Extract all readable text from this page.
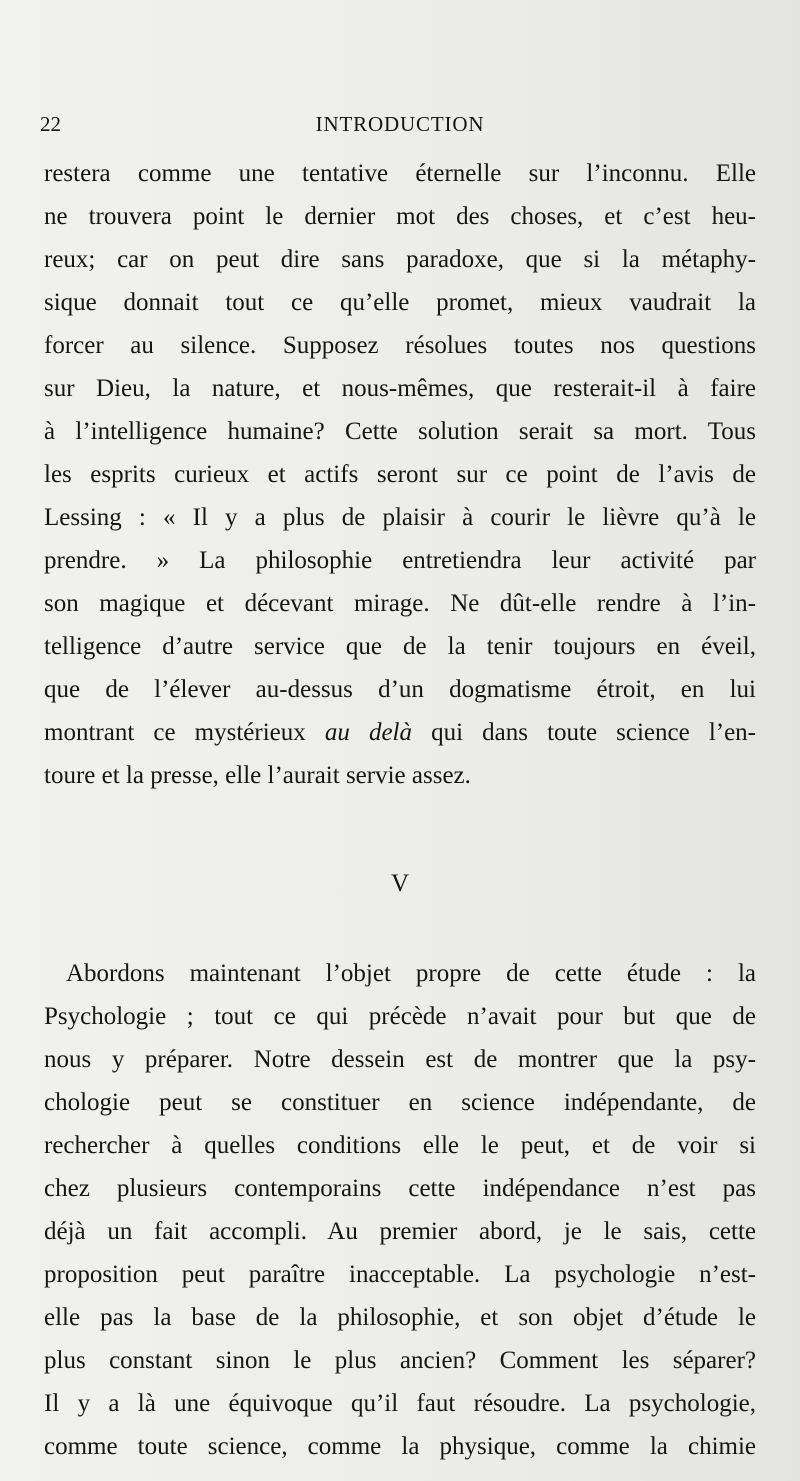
22	INTRODUCTION
restera comme une tentative éternelle sur l’inconnu. Elle
ne trouvera point le dernier mot des choses, et c’est heu-
reux; car on peut dire sans paradoxe, que si la métaphy-
sique donnait tout ce qu’elle promet, mieux vaudrait la
forcer au silence. Supposez résolues toutes nos questions
sur Dieu, la nature, et nous-mêmes, que resterait-il à faire
à l’intelligence humaine? Cette solution serait sa mort. Tous
les esprits curieux et actifs seront sur ce point de l’avis de
Lessing : « Il y a plus de plaisir à courir le lièvre qu’à le
prendre. » La philosophie entretiendra leur activité par
son magique et décevant mirage. Ne dût-elle rendre à l’in-
telligence d’autre service que de la tenir toujours en éveil,
que de l’élever au-dessus d’un dogmatisme étroit, en lui
montrant ce mystérieux au delà qui dans toute science l’en-
toure et la presse, elle l’aurait servie assez.
V
Abordons maintenant l’objet propre de cette étude : la
Psychologie ; tout ce qui précède n’avait pour but que de
nous y préparer. Notre dessein est de montrer que la psy-
chologie peut se constituer en science indépendante, de
rechercher à quelles conditions elle le peut, et de voir si
chez plusieurs contemporains cette indépendance n’est pas
déjà un fait accompli. Au premier abord, je le sais, cette
proposition peut paraître inacceptable. La psychologie n’est-
elle pas la base de la philosophie, et son objet d’étude le
plus constant sinon le plus ancien? Comment les séparer?
Il y a là une équivoque qu’il faut résoudre. La psychologie,
comme toute science, comme la physique, comme la chimie
